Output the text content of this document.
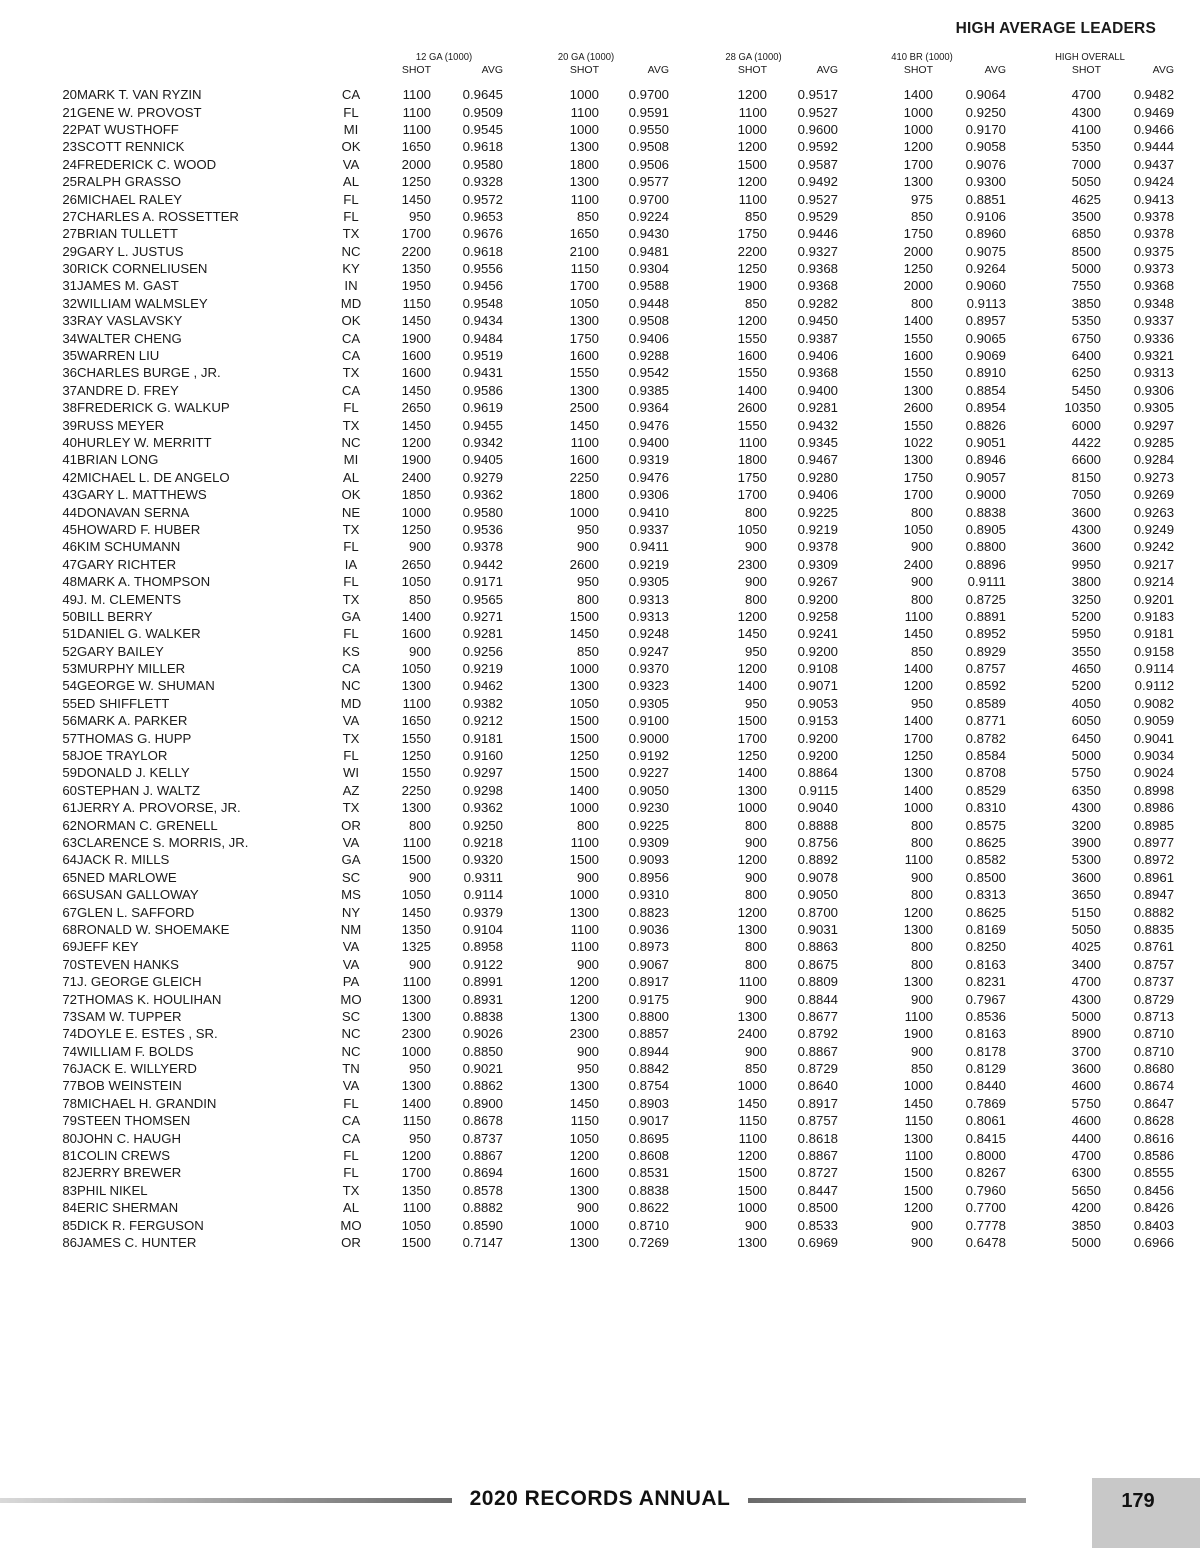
HIGH AVERAGE LEADERS
			12 GA (1000)		20 GA (1000)		28 GA (1000)		410 BR (1000)		HIGH OVERALL		
			SHOT	AVG	SHOT	AVG	SHOT	AVG	SHOT	AVG	SHOT	AVG	
20	MARK T. VAN RYZIN	CA	1100	0.9645	1000	0.9700	1200	0.9517	1400	0.9064	4700	0.9482	
21	GENE W. PROVOST	FL	1100	0.9509	1100	0.9591	1100	0.9527	1000	0.9250	4300	0.9469	
22	PAT WUSTHOFF	MI	1100	0.9545	1000	0.9550	1000	0.9600	1000	0.9170	4100	0.9466	
23	SCOTT RENNICK	OK	1650	0.9618	1300	0.9508	1200	0.9592	1200	0.9058	5350	0.9444	
24	FREDERICK C. WOOD	VA	2000	0.9580	1800	0.9506	1500	0.9587	1700	0.9076	7000	0.9437	
25	RALPH GRASSO	AL	1250	0.9328	1300	0.9577	1200	0.9492	1300	0.9300	5050	0.9424	
26	MICHAEL RALEY	FL	1450	0.9572	1100	0.9700	1100	0.9527	975	0.8851	4625	0.9413	
27	CHARLES A. ROSSETTER	FL	950	0.9653	850	0.9224	850	0.9529	850	0.9106	3500	0.9378	
27	BRIAN TULLETT	TX	1700	0.9676	1650	0.9430	1750	0.9446	1750	0.8960	6850	0.9378	
29	GARY L. JUSTUS	NC	2200	0.9618	2100	0.9481	2200	0.9327	2000	0.9075	8500	0.9375	
30	RICK CORNELIUSEN	KY	1350	0.9556	1150	0.9304	1250	0.9368	1250	0.9264	5000	0.9373	
31	JAMES M. GAST	IN	1950	0.9456	1700	0.9588	1900	0.9368	2000	0.9060	7550	0.9368	
32	WILLIAM WALMSLEY	MD	1150	0.9548	1050	0.9448	850	0.9282	800	0.9113	3850	0.9348	
33	RAY VASLAVSKY	OK	1450	0.9434	1300	0.9508	1200	0.9450	1400	0.8957	5350	0.9337	
34	WALTER CHENG	CA	1900	0.9484	1750	0.9406	1550	0.9387	1550	0.9065	6750	0.9336	
35	WARREN LIU	CA	1600	0.9519	1600	0.9288	1600	0.9406	1600	0.9069	6400	0.9321	
36	CHARLES BURGE , JR.	TX	1600	0.9431	1550	0.9542	1550	0.9368	1550	0.8910	6250	0.9313	
37	ANDRE D. FREY	CA	1450	0.9586	1300	0.9385	1400	0.9400	1300	0.8854	5450	0.9306	
38	FREDERICK G. WALKUP	FL	2650	0.9619	2500	0.9364	2600	0.9281	2600	0.8954	10350	0.9305	
39	RUSS MEYER	TX	1450	0.9455	1450	0.9476	1550	0.9432	1550	0.8826	6000	0.9297	
40	HURLEY W. MERRITT	NC	1200	0.9342	1100	0.9400	1100	0.9345	1022	0.9051	4422	0.9285	
41	BRIAN LONG	MI	1900	0.9405	1600	0.9319	1800	0.9467	1300	0.8946	6600	0.9284	
42	MICHAEL L. DE ANGELO	AL	2400	0.9279	2250	0.9476	1750	0.9280	1750	0.9057	8150	0.9273	
43	GARY L. MATTHEWS	OK	1850	0.9362	1800	0.9306	1700	0.9406	1700	0.9000	7050	0.9269	
44	DONAVAN SERNA	NE	1000	0.9580	1000	0.9410	800	0.9225	800	0.8838	3600	0.9263	
45	HOWARD F. HUBER	TX	1250	0.9536	950	0.9337	1050	0.9219	1050	0.8905	4300	0.9249	
46	KIM SCHUMANN	FL	900	0.9378	900	0.9411	900	0.9378	900	0.8800	3600	0.9242	
47	GARY RICHTER	IA	2650	0.9442	2600	0.9219	2300	0.9309	2400	0.8896	9950	0.9217	
48	MARK A. THOMPSON	FL	1050	0.9171	950	0.9305	900	0.9267	900	0.9111	3800	0.9214	
49	J. M. CLEMENTS	TX	850	0.9565	800	0.9313	800	0.9200	800	0.8725	3250	0.9201	
50	BILL BERRY	GA	1400	0.9271	1500	0.9313	1200	0.9258	1100	0.8891	5200	0.9183	
51	DANIEL G. WALKER	FL	1600	0.9281	1450	0.9248	1450	0.9241	1450	0.8952	5950	0.9181	
52	GARY BAILEY	KS	900	0.9256	850	0.9247	950	0.9200	850	0.8929	3550	0.9158	
53	MURPHY MILLER	CA	1050	0.9219	1000	0.9370	1200	0.9108	1400	0.8757	4650	0.9114	
54	GEORGE W. SHUMAN	NC	1300	0.9462	1300	0.9323	1400	0.9071	1200	0.8592	5200	0.9112	
55	ED SHIFFLETT	MD	1100	0.9382	1050	0.9305	950	0.9053	950	0.8589	4050	0.9082	
56	MARK A. PARKER	VA	1650	0.9212	1500	0.9100	1500	0.9153	1400	0.8771	6050	0.9059	
57	THOMAS G. HUPP	TX	1550	0.9181	1500	0.9000	1700	0.9200	1700	0.8782	6450	0.9041	
58	JOE TRAYLOR	FL	1250	0.9160	1250	0.9192	1250	0.9200	1250	0.8584	5000	0.9034	
59	DONALD J. KELLY	WI	1550	0.9297	1500	0.9227	1400	0.8864	1300	0.8708	5750	0.9024	
60	STEPHAN J. WALTZ	AZ	2250	0.9298	1400	0.9050	1300	0.9115	1400	0.8529	6350	0.8998	
61	JERRY A. PROVORSE, JR.	TX	1300	0.9362	1000	0.9230	1000	0.9040	1000	0.8310	4300	0.8986	
62	NORMAN C. GRENELL	OR	800	0.9250	800	0.9225	800	0.8888	800	0.8575	3200	0.8985	
63	CLARENCE S. MORRIS, JR.	VA	1100	0.9218	1100	0.9309	900	0.8756	800	0.8625	3900	0.8977	
64	JACK R. MILLS	GA	1500	0.9320	1500	0.9093	1200	0.8892	1100	0.8582	5300	0.8972	
65	NED MARLOWE	SC	900	0.9311	900	0.8956	900	0.9078	900	0.8500	3600	0.8961	
66	SUSAN GALLOWAY	MS	1050	0.9114	1000	0.9310	800	0.9050	800	0.8313	3650	0.8947	
67	GLEN L. SAFFORD	NY	1450	0.9379	1300	0.8823	1200	0.8700	1200	0.8625	5150	0.8882	
68	RONALD W. SHOEMAKE	NM	1350	0.9104	1100	0.9036	1300	0.9031	1300	0.8169	5050	0.8835	
69	JEFF KEY	VA	1325	0.8958	1100	0.8973	800	0.8863	800	0.8250	4025	0.8761	
70	STEVEN HANKS	VA	900	0.9122	900	0.9067	800	0.8675	800	0.8163	3400	0.8757	
71	J. GEORGE GLEICH	PA	1100	0.8991	1200	0.8917	1100	0.8809	1300	0.8231	4700	0.8737	
72	THOMAS K. HOULIHAN	MO	1300	0.8931	1200	0.9175	900	0.8844	900	0.7967	4300	0.8729	
73	SAM W. TUPPER	SC	1300	0.8838	1300	0.8800	1300	0.8677	1100	0.8536	5000	0.8713	
74	DOYLE E. ESTES , SR.	NC	2300	0.9026	2300	0.8857	2400	0.8792	1900	0.8163	8900	0.8710	
74	WILLIAM F. BOLDS	NC	1000	0.8850	900	0.8944	900	0.8867	900	0.8178	3700	0.8710	
76	JACK E. WILLYERD	TN	950	0.9021	950	0.8842	850	0.8729	850	0.8129	3600	0.8680	
77	BOB WEINSTEIN	VA	1300	0.8862	1300	0.8754	1000	0.8640	1000	0.8440	4600	0.8674	
78	MICHAEL H. GRANDIN	FL	1400	0.8900	1450	0.8903	1450	0.8917	1450	0.7869	5750	0.8647	
79	STEEN THOMSEN	CA	1150	0.8678	1150	0.9017	1150	0.8757	1150	0.8061	4600	0.8628	
80	JOHN C. HAUGH	CA	950	0.8737	1050	0.8695	1100	0.8618	1300	0.8415	4400	0.8616	
81	COLIN CREWS	FL	1200	0.8867	1200	0.8608	1200	0.8867	1100	0.8000	4700	0.8586	
82	JERRY BREWER	FL	1700	0.8694	1600	0.8531	1500	0.8727	1500	0.8267	6300	0.8555	
83	PHIL NIKEL	TX	1350	0.8578	1300	0.8838	1500	0.8447	1500	0.7960	5650	0.8456	
84	ERIC SHERMAN	AL	1100	0.8882	900	0.8622	1000	0.8500	1200	0.7700	4200	0.8426	
85	DICK R. FERGUSON	MO	1050	0.8590	1000	0.8710	900	0.8533	900	0.7778	3850	0.8403	
86	JAMES C. HUNTER	OR	1500	0.7147	1300	0.7269	1300	0.6969	900	0.6478	5000	0.6966	
2020 RECORDS ANNUAL	179
